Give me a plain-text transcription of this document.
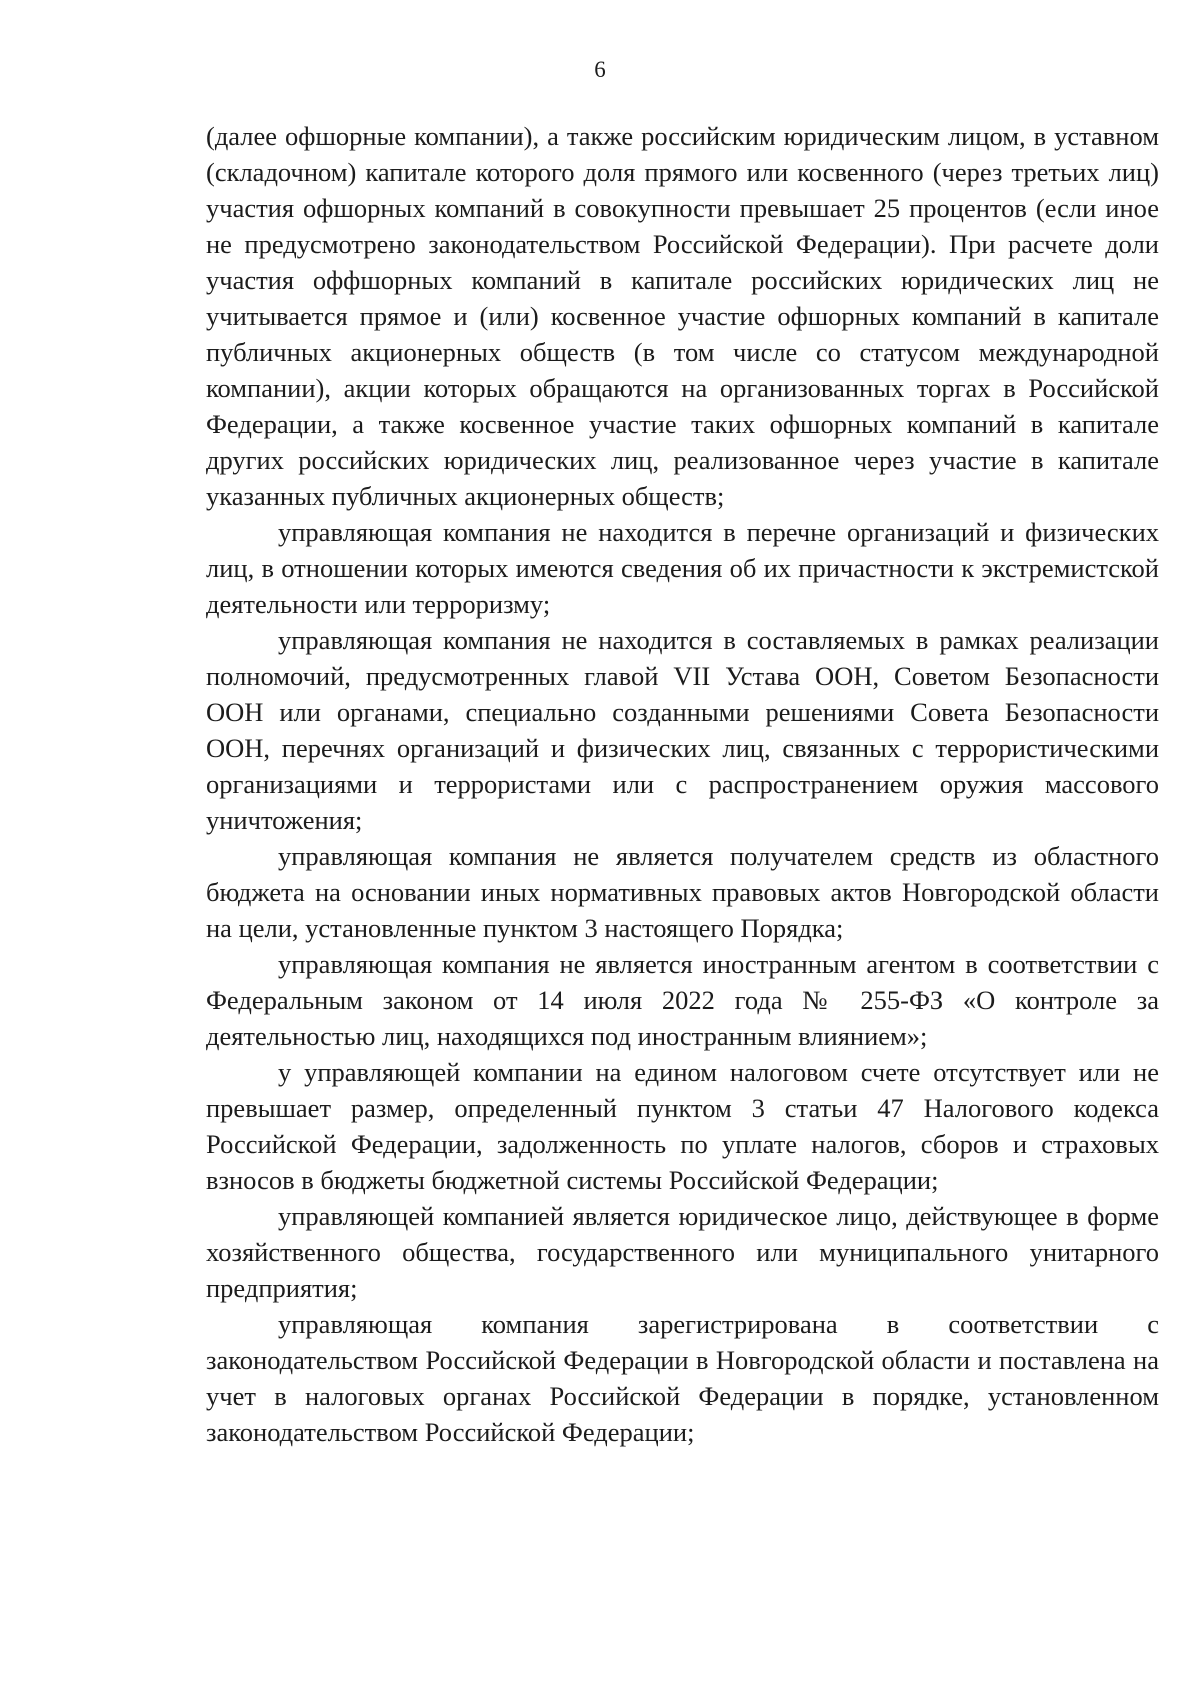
6

(далее офшорные компании), а также российским юридическим лицом, в уставном (складочном) капитале которого доля прямого или косвенного (через третьих лиц) участия офшорных компаний в совокупности превышает 25 процентов (если иное не предусмотрено законодательством Российской Федерации). При расчете доли участия оффшорных компаний в капитале российских юридических лиц не учитывается прямое и (или) косвенное участие офшорных компаний в капитале публичных акционерных обществ (в том числе со статусом международной компании), акции которых обращаются на организованных торгах в Российской Федерации, а также косвенное участие таких офшорных компаний в капитале других российских юридических лиц, реализованное через участие в капитале указанных публичных акционерных обществ;

управляющая компания не находится в перечне организаций и физических лиц, в отношении которых имеются сведения об их причастности к экстремистской деятельности или терроризму;

управляющая компания не находится в составляемых в рамках реализации полномочий, предусмотренных главой VII Устава ООН, Советом Безопасности ООН или органами, специально созданными решениями Совета Безопасности ООН, перечнях организаций и физических лиц, связанных с террористическими организациями и террористами или с распространением оружия массового уничтожения;

управляющая компания не является получателем средств из областного бюджета на основании иных нормативных правовых актов Новгородской области на цели, установленные пунктом 3 настоящего Порядка;

управляющая компания не является иностранным агентом в соответствии с Федеральным законом от 14 июля 2022 года № 255-ФЗ «О контроле за деятельностью лиц, находящихся под иностранным влиянием»;

у управляющей компании на едином налоговом счете отсутствует или не превышает размер, определенный пунктом 3 статьи 47 Налогового кодекса Российской Федерации, задолженность по уплате налогов, сборов и страховых взносов в бюджеты бюджетной системы Российской Федерации;

управляющей компанией является юридическое лицо, действующее в форме хозяйственного общества, государственного или муниципального унитарного предприятия;

управляющая компания зарегистрирована в соответствии с законодательством Российской Федерации в Новгородской области и поставлена на учет в налоговых органах Российской Федерации в порядке, установленном законодательством Российской Федерации;
